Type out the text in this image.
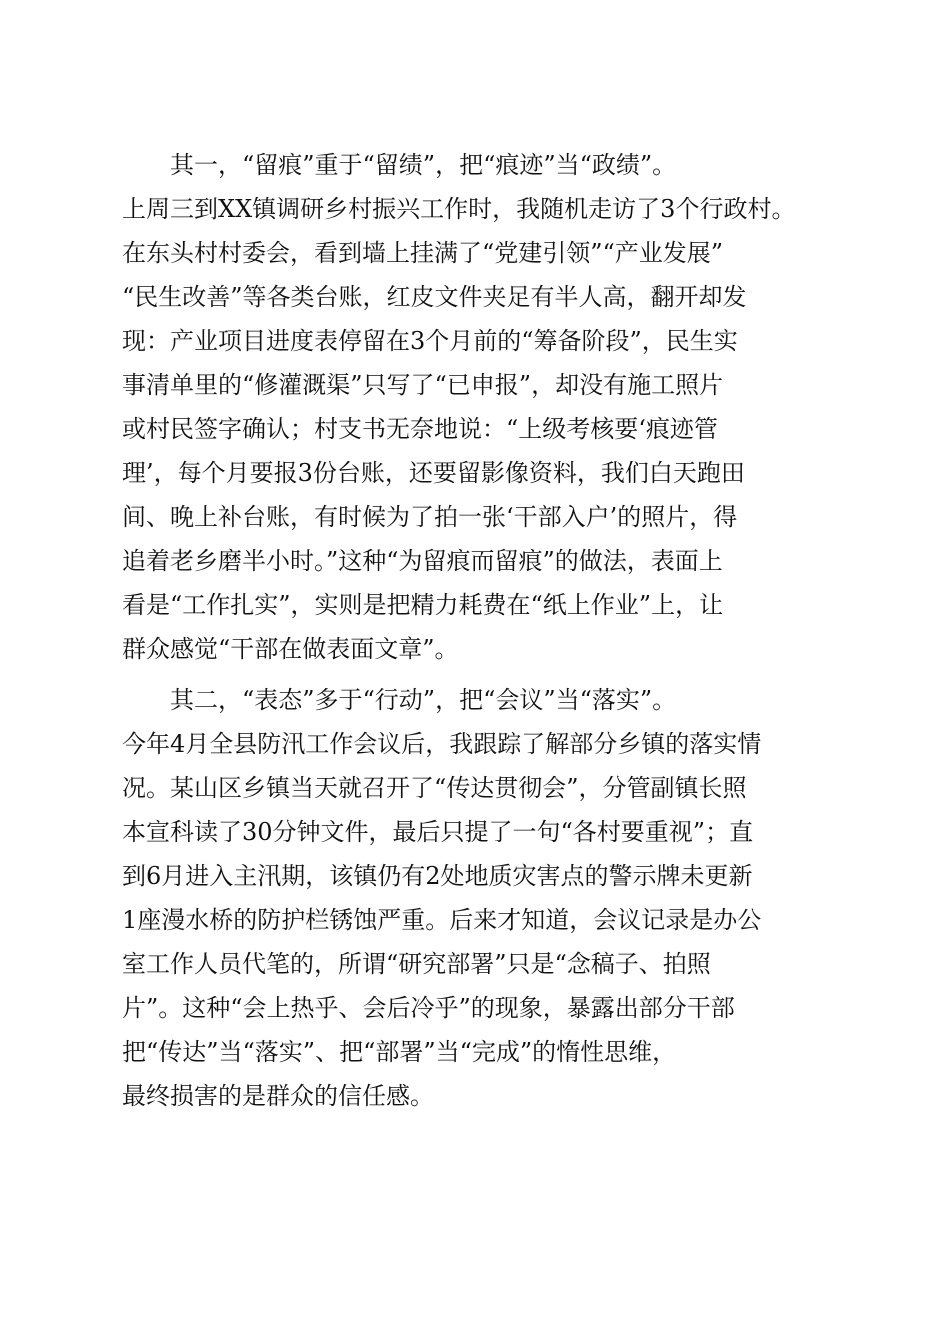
其一，“留痕”重于“留绩”，把“痕迹”当“政绩”。
上周三到XX镇调研乡村振兴工作时，我随机走访了3个行政村。
在东头村村委会，看到墙上挂满了“党建引领”“产业发展”
“民生改善”等各类台账，红皮文件夹足有半人高，翻开却发
现：产业项目进度表停留在3个月前的“筹备阶段”，民生实
事清单里的“修灌溉渠”只写了“已申报”，却没有施工照片
或村民签字确认；村支书无奈地说：“上级考核要‘痕迹管
理’，每个月要报3份台账，还要留影像资料，我们白天跑田
间、晚上补台账，有时候为了拍一张‘干部入户’的照片，得
追着老乡磨半小时。”这种“为留痕而留痕”的做法，表面上
看是“工作扎实”，实则是把精力耗费在“纸上作业”上，让
群众感觉“干部在做表面文章”。
其二，“表态”多于“行动”，把“会议”当“落实”。
今年4月全县防汛工作会议后，我跟踪了解部分乡镇的落实情
况。某山区乡镇当天就召开了“传达贯彻会”，分管副镇长照
本宣科读了30分钟文件，最后只提了一句“各村要重视”；直
到6月进入主汛期，该镇仍有2处地质灾害点的警示牌未更新
1座漫水桥的防护栏锈蚀严重。后来才知道，会议记录是办公
室工作人员代笔的，所谓“研究部署”只是“念稿子、拍照
片”。这种“会上热乎、会后冷乎”的现象，暴露出部分干部
把“传达”当“落实”、把“部署”当“完成”的惰性思维，
最终损害的是群众的信任感。
